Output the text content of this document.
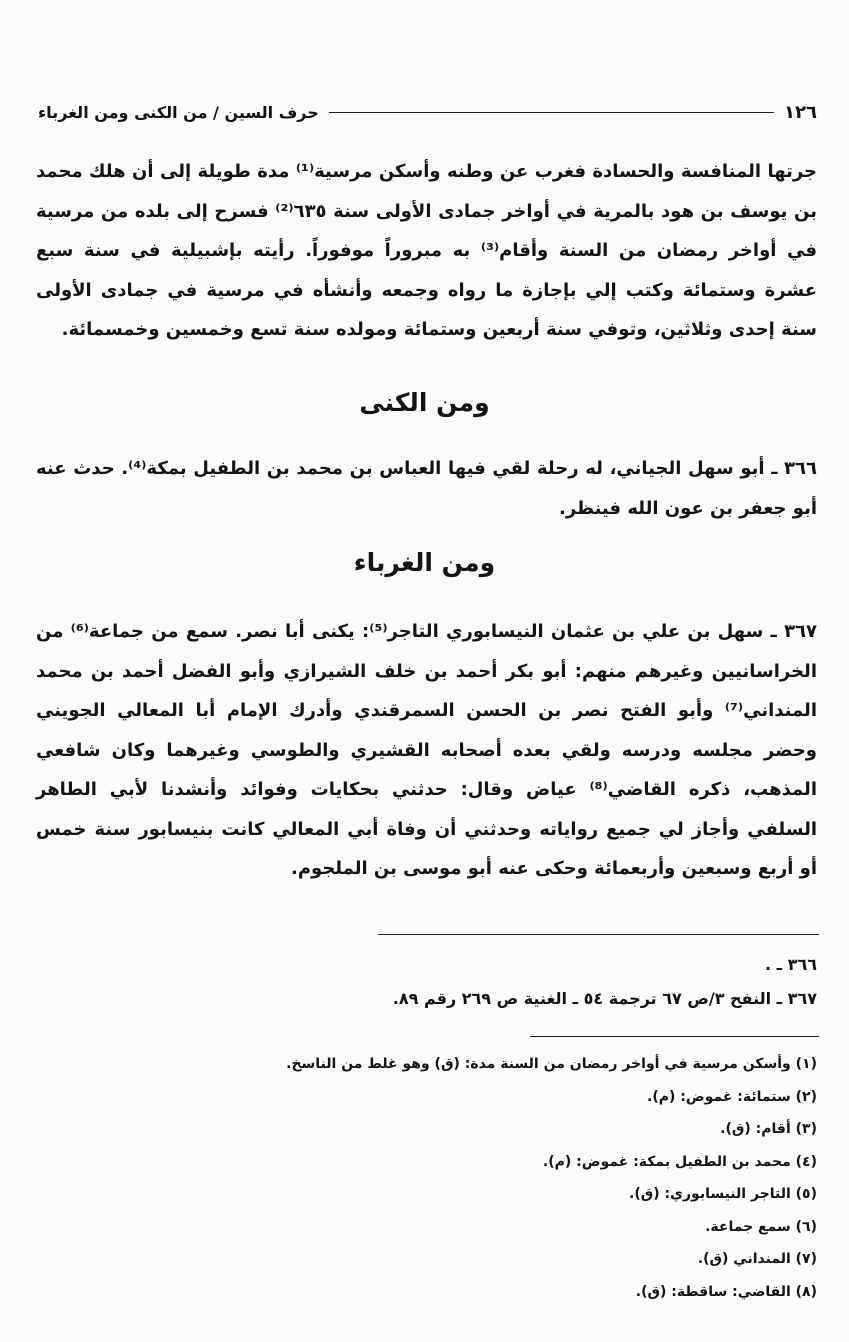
١٢٦
حرف السين / من الكنى ومن الغرباء
جرتها المنافسة والحسادة فغرب عن وطنه وأسكن مرسية⁽¹⁾ مدة طويلة إلى أن هلك محمد بن يوسف بن هود بالمرية في أواخر جمادى الأولى سنة ٦٣٥⁽²⁾ فسرح إلى بلده من مرسية في أواخر رمضان من السنة وأقام⁽³⁾ به مبروراً موفوراً. رأيته بإشبيلية في سنة سبع عشرة وستمائة وكتب إلي بإجازة ما رواه وجمعه وأنشأه في مرسية في جمادى الأولى سنة إحدى وثلاثين، وتوفي سنة أربعين وستمائة ومولده سنة تسع وخمسين وخمسمائة.
ومن الكنى
٣٦٦ ـ أبو سهل الجياني، له رحلة لقي فيها العباس بن محمد بن الطفيل بمكة⁽⁴⁾. حدث عنه أبو جعفر بن عون الله فينظر.
ومن الغرباء
٣٦٧ ـ سهل بن علي بن عثمان النيسابوري التاجر⁽⁵⁾: يكنى أبا نصر. سمع من جماعة⁽⁶⁾ من الخراسانيين وغيرهم منهم: أبو بكر أحمد بن خلف الشيرازي وأبو الفضل أحمد بن محمد المنداني⁽⁷⁾ وأبو الفتح نصر بن الحسن السمرقندي وأدرك الإمام أبا المعالي الجويني وحضر مجلسه ودرسه ولقي بعده أصحابه القشيري والطوسي وغيرهما وكان شافعي المذهب، ذكره القاضي⁽⁸⁾ عياض وقال: حدثني بحكايات وفوائد وأنشدنا لأبي الطاهر السلفي وأجاز لي جميع رواياته وحدثني أن وفاة أبي المعالي كانت بنيسابور سنة خمس أو أربع وسبعين وأربعمائة وحكى عنه أبو موسى بن الملجوم.
٣٦٦ ـ .
٣٦٧ ـ النفح ٣/ص ٦٧ ترجمة ٥٤ ـ الغنية ص ٢٦٩ رقم ٨٩.
(١) وأسكن مرسية في أواخر رمضان من السنة مدة: (ق) وهو غلط من الناسخ.
(٢) ستمائة: غموض: (م).
(٣) أقام: (ق).
(٤) محمد بن الطفيل بمكة: غموض: (م).
(٥) التاجر النيسابوري: (ق).
(٦) سمع جماعة.
(٧) المنداني (ق).
(٨) القاضي: ساقطة: (ق).
